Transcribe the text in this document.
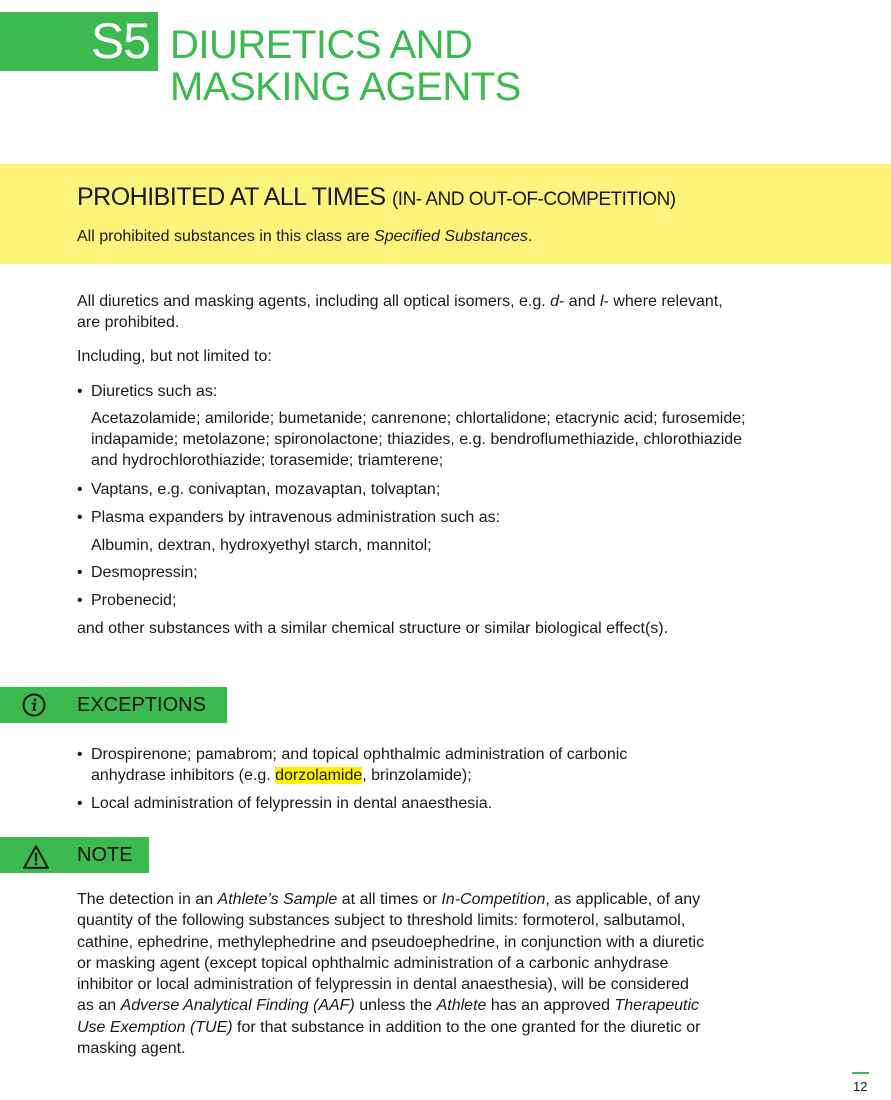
S5 DIURETICS AND
MASKING AGENTS
PROHIBITED AT ALL TIMES (IN- AND OUT-OF-COMPETITION)
All prohibited substances in this class are Specified Substances.
All diuretics and masking agents, including all optical isomers, e.g. d- and l- where relevant,
are prohibited.
Including, but not limited to:
• Diuretics such as:
Acetazolamide; amiloride; bumetanide; canrenone; chlortalidone; etacrynic acid; furosemide;
indapamide; metolazone; spironolactone; thiazides, e.g. bendroflumethiazide, chlorothiazide
and hydrochlorothiazide; torasemide; triamterene;
• Vaptans, e.g. conivaptan, mozavaptan, tolvaptan;
• Plasma expanders by intravenous administration such as:
Albumin, dextran, hydroxyethyl starch, mannitol;
• Desmopressin;
• Probenecid;
and other substances with a similar chemical structure or similar biological effect(s).
EXCEPTIONS
• Drospirenone; pamabrom; and topical ophthalmic administration of carbonic
anhydrase inhibitors (e.g. dorzolamide, brinzolamide);
• Local administration of felypressin in dental anaesthesia.
NOTE
The detection in an Athlete’s Sample at all times or In-Competition, as applicable, of any
quantity of the following substances subject to threshold limits: formoterol, salbutamol,
cathine, ephedrine, methylephedrine and pseudoephedrine, in conjunction with a diuretic
or masking agent (except topical ophthalmic administration of a carbonic anhydrase
inhibitor or local administration of felypressin in dental anaesthesia), will be considered
as an Adverse Analytical Finding (AAF) unless the Athlete has an approved Therapeutic
Use Exemption (TUE) for that substance in addition to the one granted for the diuretic or
masking agent.
12
